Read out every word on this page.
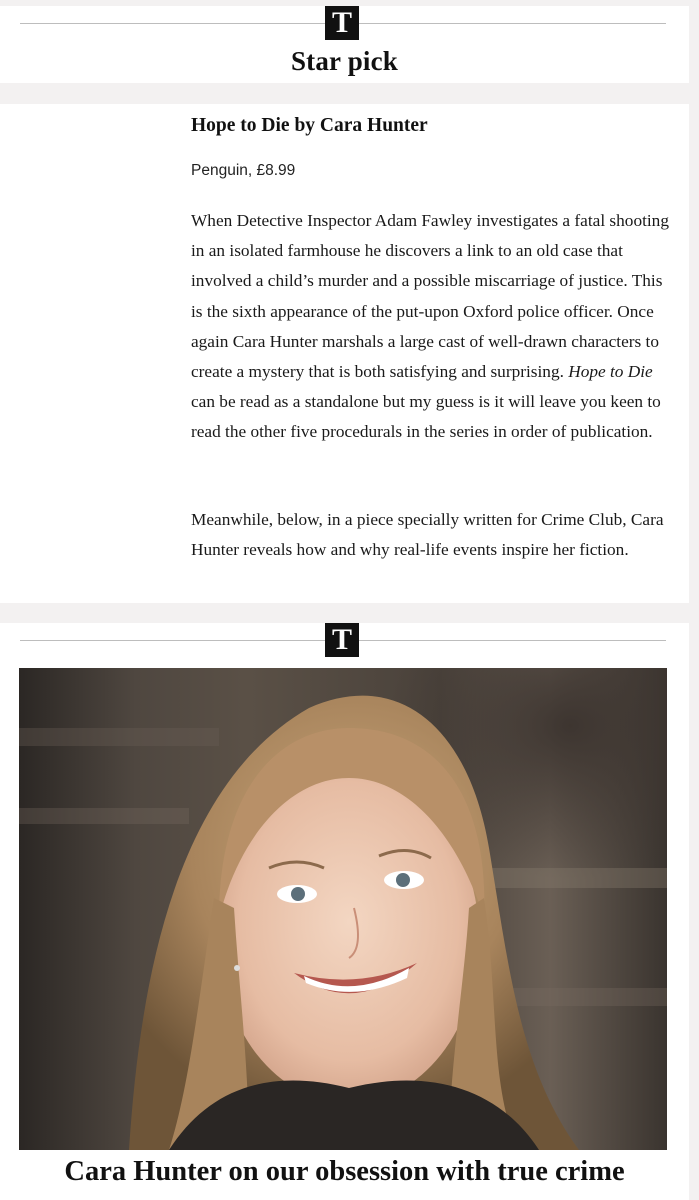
T
Star pick
Hope to Die by Cara Hunter
Penguin, £8.99

When Detective Inspector Adam Fawley investigates a fatal shooting in an isolated farmhouse he discovers a link to an old case that involved a child’s murder and a possible miscarriage of justice. This is the sixth appearance of the put-upon Oxford police officer. Once again Cara Hunter marshals a large cast of well-drawn characters to create a mystery that is both satisfying and surprising. Hope to Die can be read as a standalone but my guess is it will leave you keen to read the other five procedurals in the series in order of publication.

Meanwhile, below, in a piece specially written for Crime Club, Cara Hunter reveals how and why real-life events inspire her fiction.

T
Cara Hunter on our obsession with true crime
